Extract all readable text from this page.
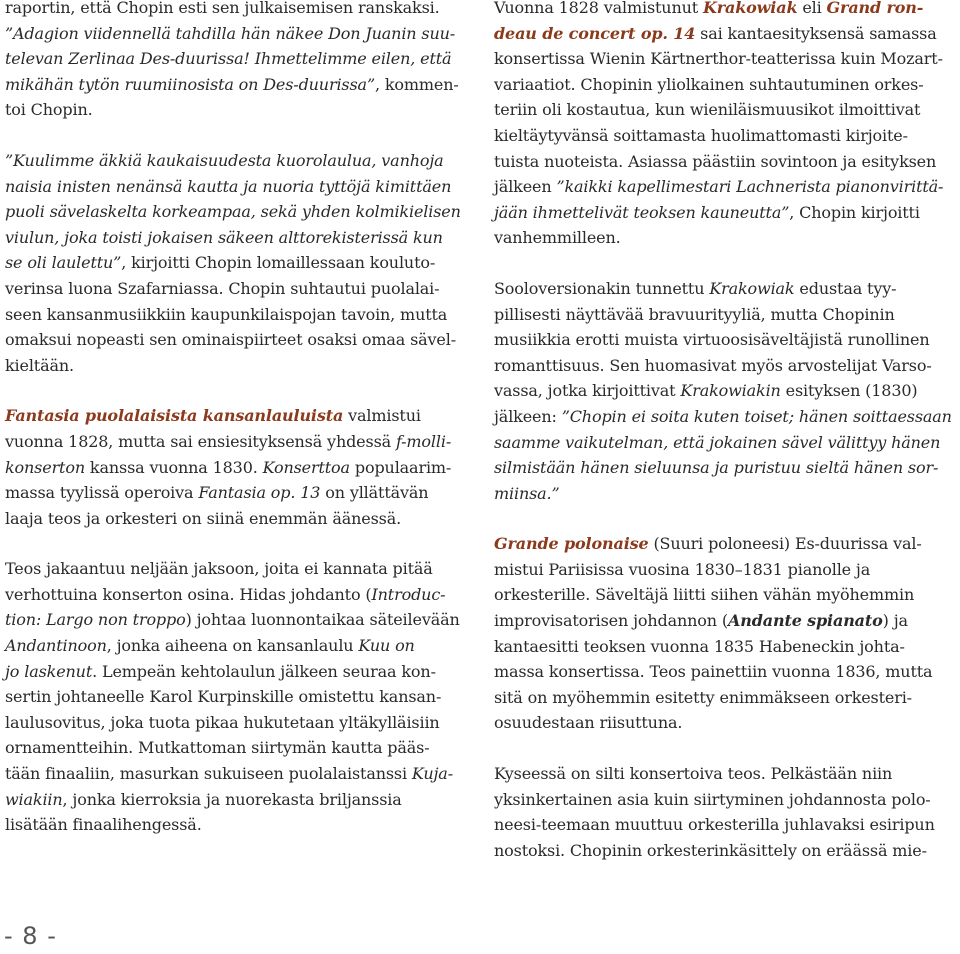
raportin, että Chopin esti sen julkaisemisen ranskaksi.
”Adagion viidennellä tahdilla hän näkee Don Juanin suu-
televan Zerlinaa Des-duurissa! Ihmettelimme eilen, että
mikähän tytön ruumiinosista on Des-duurissa”, kommen-
toi Chopin.

”Kuulimme äkkiä kaukaisuudesta kuorolaulua, vanhoja
naisia inisten nenänsä kautta ja nuoria tyttöjä kimittäen
puoli sävelaskelta korkeampaa, sekä yhden kolmikielisen
viulun, joka toisti jokaisen säkeen alttorekisterissä kun
se oli laulettu”, kirjoitti Chopin lomaillessaan kouluto-
verinsa luona Szafarniassa. Chopin suhtautui puolalai-
seen kansanmusiikkiin kaupunkilaispojan tavoin, mutta
omaksui nopeasti sen ominaispiirteet osaksi omaa sävel-
kieltään.

Fantasia puolalaisista kansanlauluista valmistui
vuonna 1828, mutta sai ensiesityksensä yhdessä f-molli-
konserton kanssa vuonna 1830. Konserttoa populaarim-
massa tyylissä operoiva Fantasia op. 13 on yllättävän
laaja teos ja orkesteri on siinä enemmän äänessä.

Teos jakaantuu neljään jaksoon, joita ei kannata pitää
verhottuina konserton osina. Hidas johdanto (Introduc-
tion: Largo non troppo) johtaa luonnontaikaa säteilevään
Andantinoon, jonka aiheena on kansanlaulu Kuu on
jo laskenut. Lempeän kehtolaulun jälkeen seuraa kon-
sertin johtaneelle Karol Kurpinskille omistettu kansan-
laulusovitus, joka tuota pikaa hukutetaan yltäkylläisiin
ornamentteihin. Mutkattoman siirtymän kautta pääs-
tään finaaliin, masurkan sukuiseen puolalaistanssi Kuja-
wiakiin, jonka kierroksia ja nuorekasta briljanssia
lisätään finaalihengessä.

Vuonna 1828 valmistunut Krakowiak eli Grand ron-
deau de concert op. 14 sai kantaesityksensä samassa
konsertissa Wienin Kärtnerthor-teatterissa kuin Mozart-
variaatiot. Chopinin yliolkainen suhtautuminen orkes-
teriin oli kostautua, kun wieniläismuusikot ilmoittivat
kieltäytyvänsä soittamasta huolimattomasti kirjoite-
tuista nuoteista. Asiassa päästiin sovintoon ja esityksen
jälkeen ”kaikki kapellimestari Lachnerista pianonvirittä-
jään ihmettelivät teoksen kauneutta”, Chopin kirjoitti
vanhemmilleen.

Sooloversionakin tunnettu Krakowiak edustaa tyy-
pillisesti näyttävää bravuurityyliä, mutta Chopinin
musiikkia erotti muista virtuoosisäveltäjistä runollinen
romanttisuus. Sen huomasivat myös arvostelijat Varso-
vassa, jotka kirjoittivat Krakowiakin esityksen (1830)
jälkeen: ”Chopin ei soita kuten toiset; hänen soittaessaan
saamme vaikutelman, että jokainen sävel välittyy hänen
silmistään hänen sieluunsa ja puristuu sieltä hänen sor-
miinsa.”

Grande polonaise (Suuri poloneesi) Es-duurissa val-
mistui Pariisissa vuosina 1830–1831 pianolle ja
orkesterille. Säveltäjä liitti siihen vähän myöhemmin
improvisatorisen johdannon (Andante spianato) ja
kantaesitti teoksen vuonna 1835 Habeneckin johta-
massa konsertissa. Teos painettiin vuonna 1836, mutta
sitä on myöhemmin esitetty enimmäkseen orkesteri-
osuudestaan riisuttuna.

Kyseessä on silti konsertoiva teos. Pelkästään niin
yksinkertainen asia kuin siirtyminen johdannosta polo-
neesi-teemaan muuttuu orkesterilla juhlavaksi esiripun
nostoksi. Chopinin orkesterinkäsittely on eräässä mie-

- 8 -
